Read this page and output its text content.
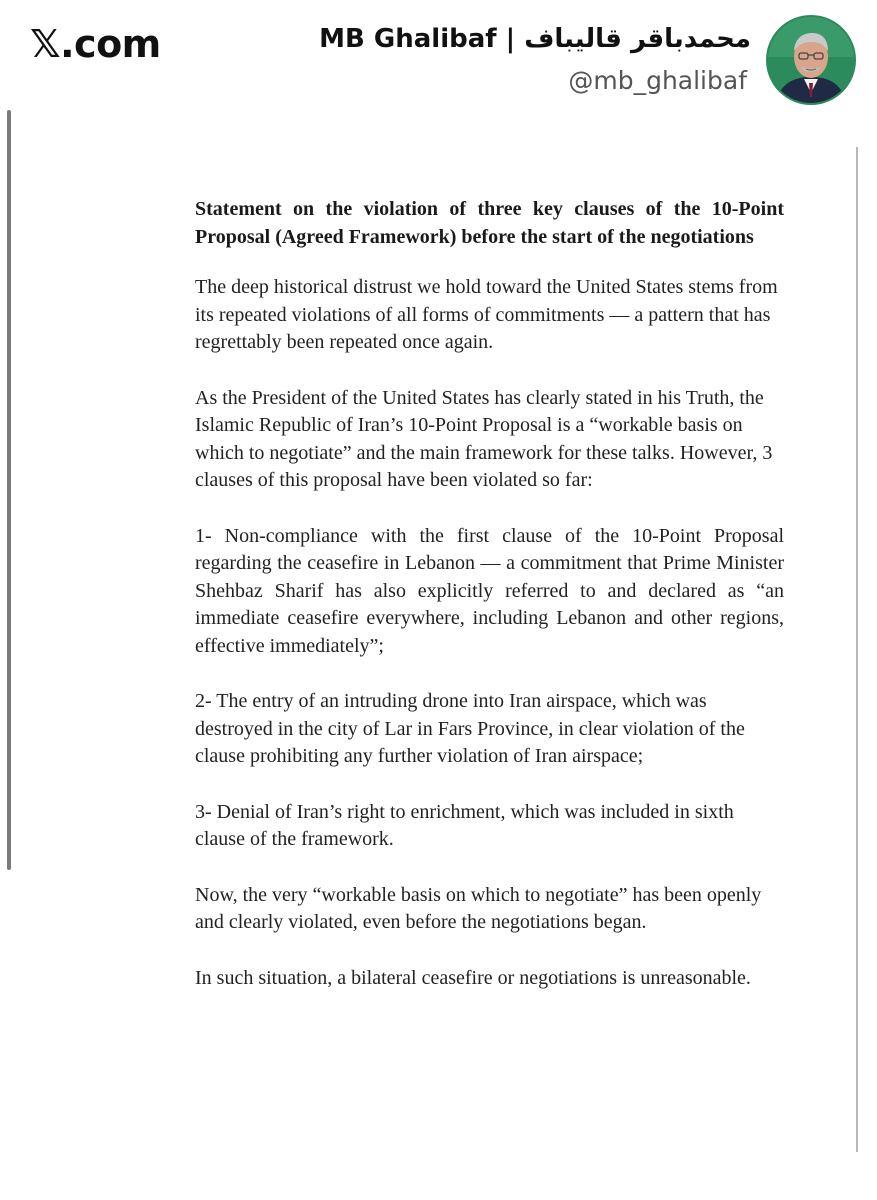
𝕏.com	MB Ghalibaf | محمدباقر قالیباف
@mb_ghalibaf
Statement on the violation of three key clauses of the 10-Point Proposal (Agreed Framework) before the start of the negotiations

The deep historical distrust we hold toward the United States stems from its repeated violations of all forms of commitments — a pattern that has regrettably been repeated once again.

As the President of the United States has clearly stated in his Truth, the Islamic Republic of Iran’s 10-Point Proposal is a “workable basis on which to negotiate” and the main framework for these talks. However, 3 clauses of this proposal have been violated so far:

1- Non-compliance with the first clause of the 10-Point Proposal regarding the ceasefire in Lebanon — a commitment that Prime Minister Shehbaz Sharif has also explicitly referred to and declared as “an immediate ceasefire everywhere, including Lebanon and other regions, effective immediately”;

2- The entry of an intruding drone into Iran airspace, which was destroyed in the city of Lar in Fars Province, in clear violation of the clause prohibiting any further violation of Iran airspace;

3- Denial of Iran’s right to enrichment, which was included in sixth clause of the framework.

Now, the very “workable basis on which to negotiate” has been openly and clearly violated, even before the negotiations began.

In such situation, a bilateral ceasefire or negotiations is unreasonable.
